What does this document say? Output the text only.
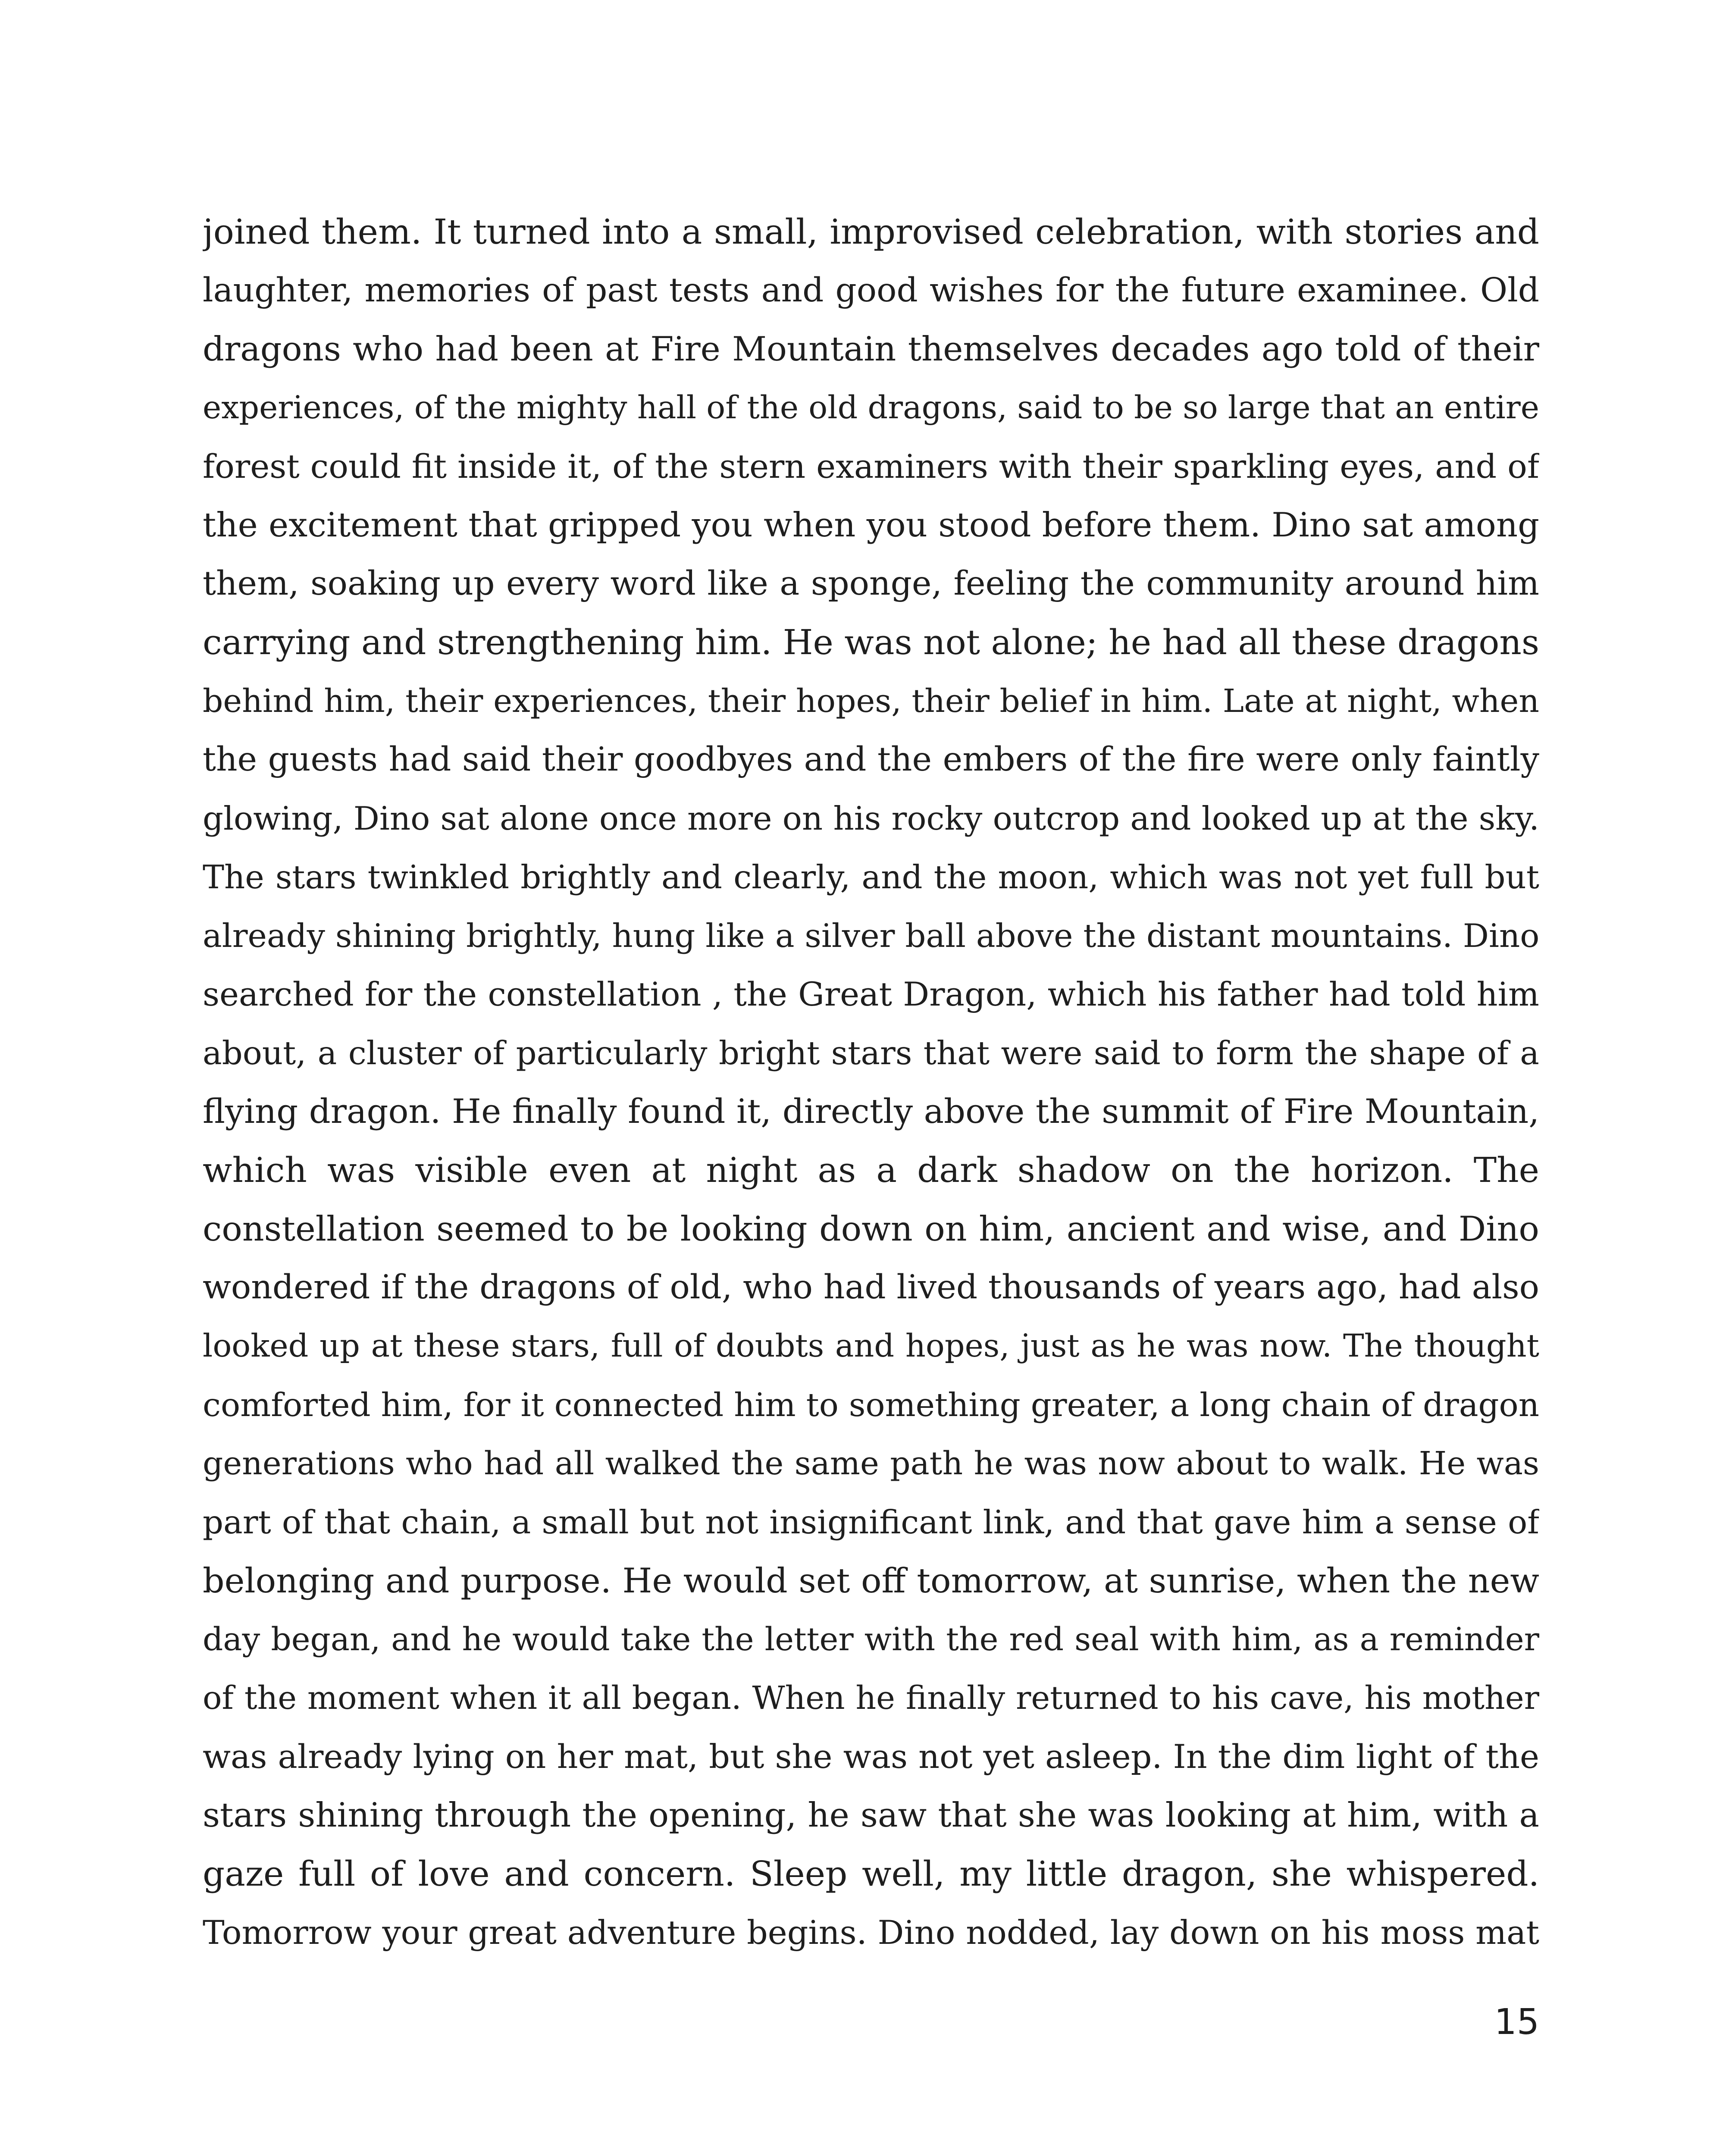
joined them. It turned into a small, improvised celebration, with stories and
laughter, memories of past tests and good wishes for the future examinee. Old
dragons who had been at Fire Mountain themselves decades ago told of their
experiences, of the mighty hall of the old dragons, said to be so large that an entire
forest could fit inside it, of the stern examiners with their sparkling eyes, and of
the excitement that gripped you when you stood before them. Dino sat among
them, soaking up every word like a sponge, feeling the community around him
carrying and strengthening him. He was not alone; he had all these dragons
behind him, their experiences, their hopes, their belief in him. Late at night, when
the guests had said their goodbyes and the embers of the fire were only faintly
glowing, Dino sat alone once more on his rocky outcrop and looked up at the sky.
The stars twinkled brightly and clearly, and the moon, which was not yet full but
already shining brightly, hung like a silver ball above the distant mountains. Dino
searched for the constellation , the Great Dragon, which his father had told him
about, a cluster of particularly bright stars that were said to form the shape of a
flying dragon. He finally found it, directly above the summit of Fire Mountain,
which was visible even at night as a dark shadow on the horizon. The
constellation seemed to be looking down on him, ancient and wise, and Dino
wondered if the dragons of old, who had lived thousands of years ago, had also
looked up at these stars, full of doubts and hopes, just as he was now. The thought
comforted him, for it connected him to something greater, a long chain of dragon
generations who had all walked the same path he was now about to walk. He was
part of that chain, a small but not insignificant link, and that gave him a sense of
belonging and purpose. He would set off tomorrow, at sunrise, when the new
day began, and he would take the letter with the red seal with him, as a reminder
of the moment when it all began. When he finally returned to his cave, his mother
was already lying on her mat, but she was not yet asleep. In the dim light of the
stars shining through the opening, he saw that she was looking at him, with a
gaze full of love and concern. Sleep well, my little dragon, she whispered.
Tomorrow your great adventure begins. Dino nodded, lay down on his moss mat
15
